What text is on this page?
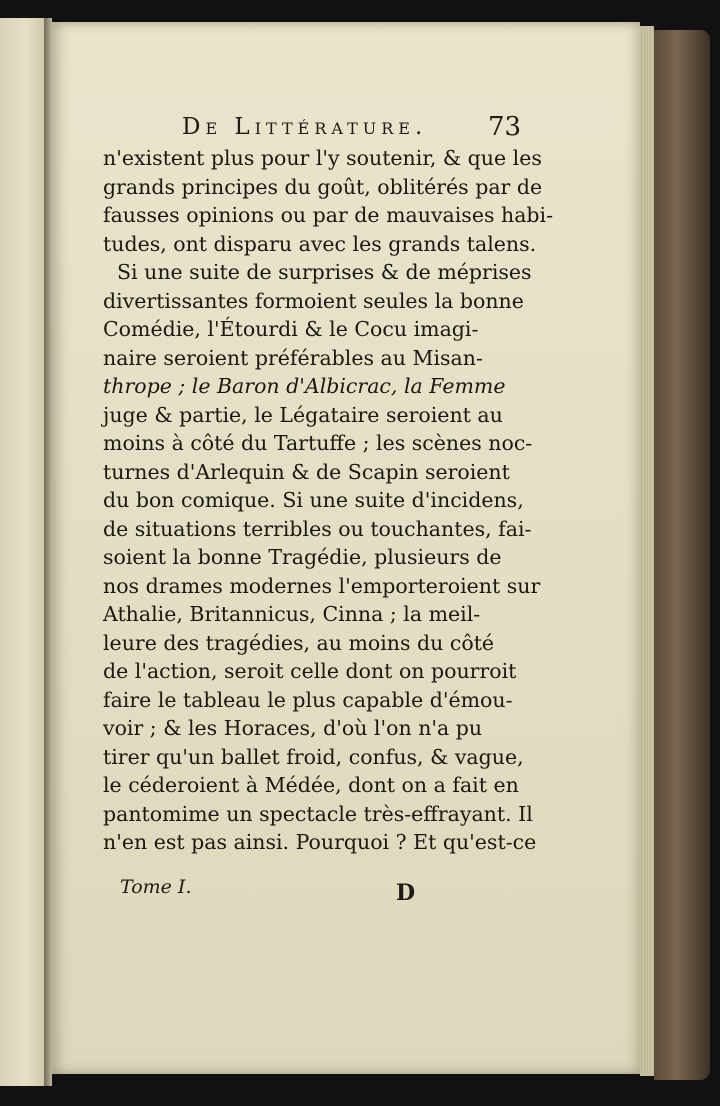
De Littérature. 73
n'existent plus pour l'y soutenir, & que les
grands principes du goût, oblitérés par de
fausses opinions ou par de mauvaises habi-
tudes, ont disparu avec les grands talens.
Si une suite de surprises & de méprises
divertissantes formoient seules la bonne
Comédie, l'Étourdi & le Cocu imagi-
naire seroient préférables au Misan-
thrope ; le Baron d'Albicrac, la Femme
juge & partie, le Légataire seroient au
moins à côté du Tartuffe ; les scènes noc-
turnes d'Arlequin & de Scapin seroient
du bon comique. Si une suite d'incidens,
de situations terribles ou touchantes, fai-
soient la bonne Tragédie, plusieurs de
nos drames modernes l'emporteroient sur
Athalie, Britannicus, Cinna ; la meil-
leure des tragédies, au moins du côté
de l'action, seroit celle dont on pourroit
faire le tableau le plus capable d'émou-
voir ; & les Horaces, d'où l'on n'a pu
tirer qu'un ballet froid, confus, & vague,
le céderoient à Médée, dont on a fait en
pantomime un spectacle très-effrayant. Il
n'en est pas ainsi. Pourquoi ? Et qu'est-ce
Tome I.	D
